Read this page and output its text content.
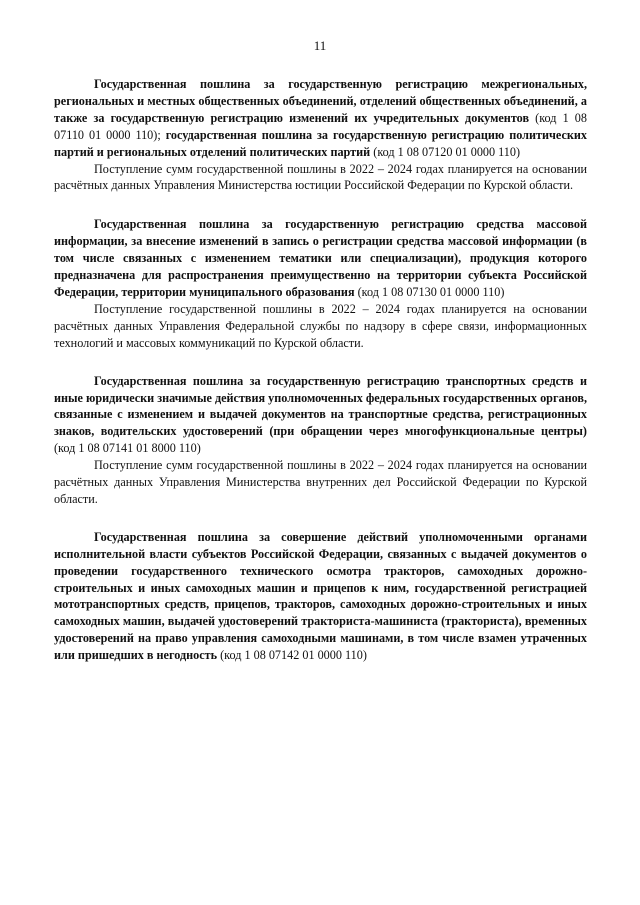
11

Государственная пошлина за государственную регистрацию межрегиональных, региональных и местных общественных объединений, отделений общественных объединений, а также за государственную регистрацию изменений их учредительных документов (код 1 08 07110 01 0000 110); государственная пошлина за государственную регистрацию политических партий и региональных отделений политических партий (код 1 08 07120 01 0000 110)

Поступление сумм государственной пошлины в 2022 – 2024 годах планируется на основании расчётных данных Управления Министерства юстиции Российской Федерации по Курской области.

Государственная пошлина за государственную регистрацию средства массовой информации, за внесение изменений в запись о регистрации средства массовой информации (в том числе связанных с изменением тематики или специализации), продукция которого предназначена для распространения преимущественно на территории субъекта Российской Федерации, территории муниципального образования (код 1 08 07130 01 0000 110)

Поступление государственной пошлины в 2022 – 2024 годах планируется на основании расчётных данных Управления Федеральной службы по надзору в сфере связи, информационных технологий и массовых коммуникаций по Курской области.

Государственная пошлина за государственную регистрацию транспортных средств и иные юридически значимые действия уполномоченных федеральных государственных органов, связанные с изменением и выдачей документов на транспортные средства, регистрационных знаков, водительских удостоверений (при обращении через многофункциональные центры) (код 1 08 07141 01 8000 110)

Поступление сумм государственной пошлины в 2022 – 2024 годах планируется на основании расчётных данных Управления Министерства внутренних дел Российской Федерации по Курской области.

Государственная пошлина за совершение действий уполномоченными органами исполнительной власти субъектов Российской Федерации, связанных с выдачей документов о проведении государственного технического осмотра тракторов, самоходных дорожно-строительных и иных самоходных машин и прицепов к ним, государственной регистрацией мототранспортных средств, прицепов, тракторов, самоходных дорожно-строительных и иных самоходных машин, выдачей удостоверений тракториста-машиниста (тракториста), временных удостоверений на право управления самоходными машинами, в том числе взамен утраченных или пришедших в негодность (код 1 08 07142 01 0000 110)
